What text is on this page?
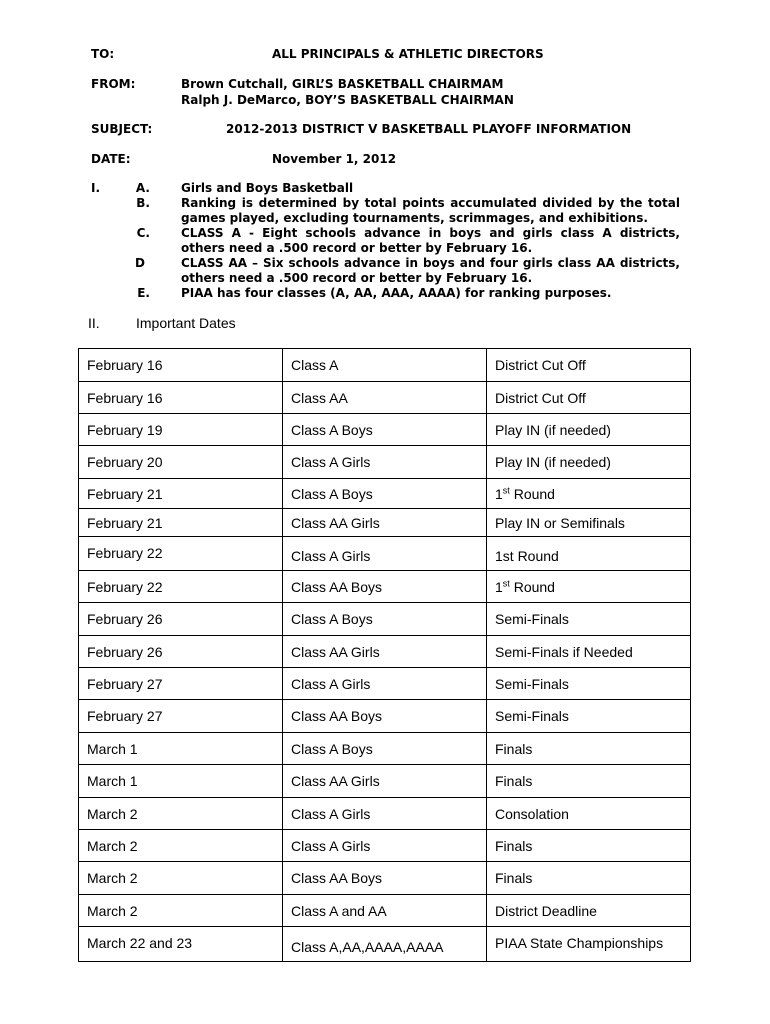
TO:	ALL PRINCIPALS & ATHLETIC DIRECTORS
FROM:	Brown Cutchall, GIRL’S BASKETBALL CHAIRMAM
Ralph J. DeMarco, BOY’S BASKETBALL CHAIRMAN
SUBJECT:	2012-2013 DISTRICT V BASKETBALL PLAYOFF INFORMATION
DATE:	November 1, 2012
I.	A.	Girls and Boys Basketball
B.	Ranking is determined by total points accumulated divided by the total games played, excluding tournaments, scrimmages, and exhibitions.
C.	CLASS A - Eight schools advance in boys and girls class A districts, others need a .500 record or better by February 16.
D	CLASS AA – Six schools advance in boys and four girls class AA districts, others need a .500 record or better by February 16.
E.	PIAA has four classes (A, AA, AAA, AAAA) for ranking purposes.
II.	Important Dates
February 16	Class A	District Cut Off
February 16	Class AA	District Cut Off
February 19	Class A Boys	Play IN (if needed)
February 20	Class A Girls	Play IN (if needed)
February 21	Class A Boys	1st Round
February 21	Class AA Girls	Play IN or Semifinals
February 22	Class A Girls	1st Round
February 22	Class AA Boys	1st Round
February 26	Class A Boys	Semi-Finals
February 26	Class AA Girls	Semi-Finals if Needed
February 27	Class A Girls	Semi-Finals
February 27	Class AA Boys	Semi-Finals
March 1	Class A Boys	Finals
March 1	Class AA Girls	Finals
March 2	Class A Girls	Consolation
March 2	Class A Girls	Finals
March 2	Class AA Boys	Finals
March 2	Class A and AA	District Deadline
March 22 and 23	Class A,AA,AAAA,AAAA	PIAA State Championships
